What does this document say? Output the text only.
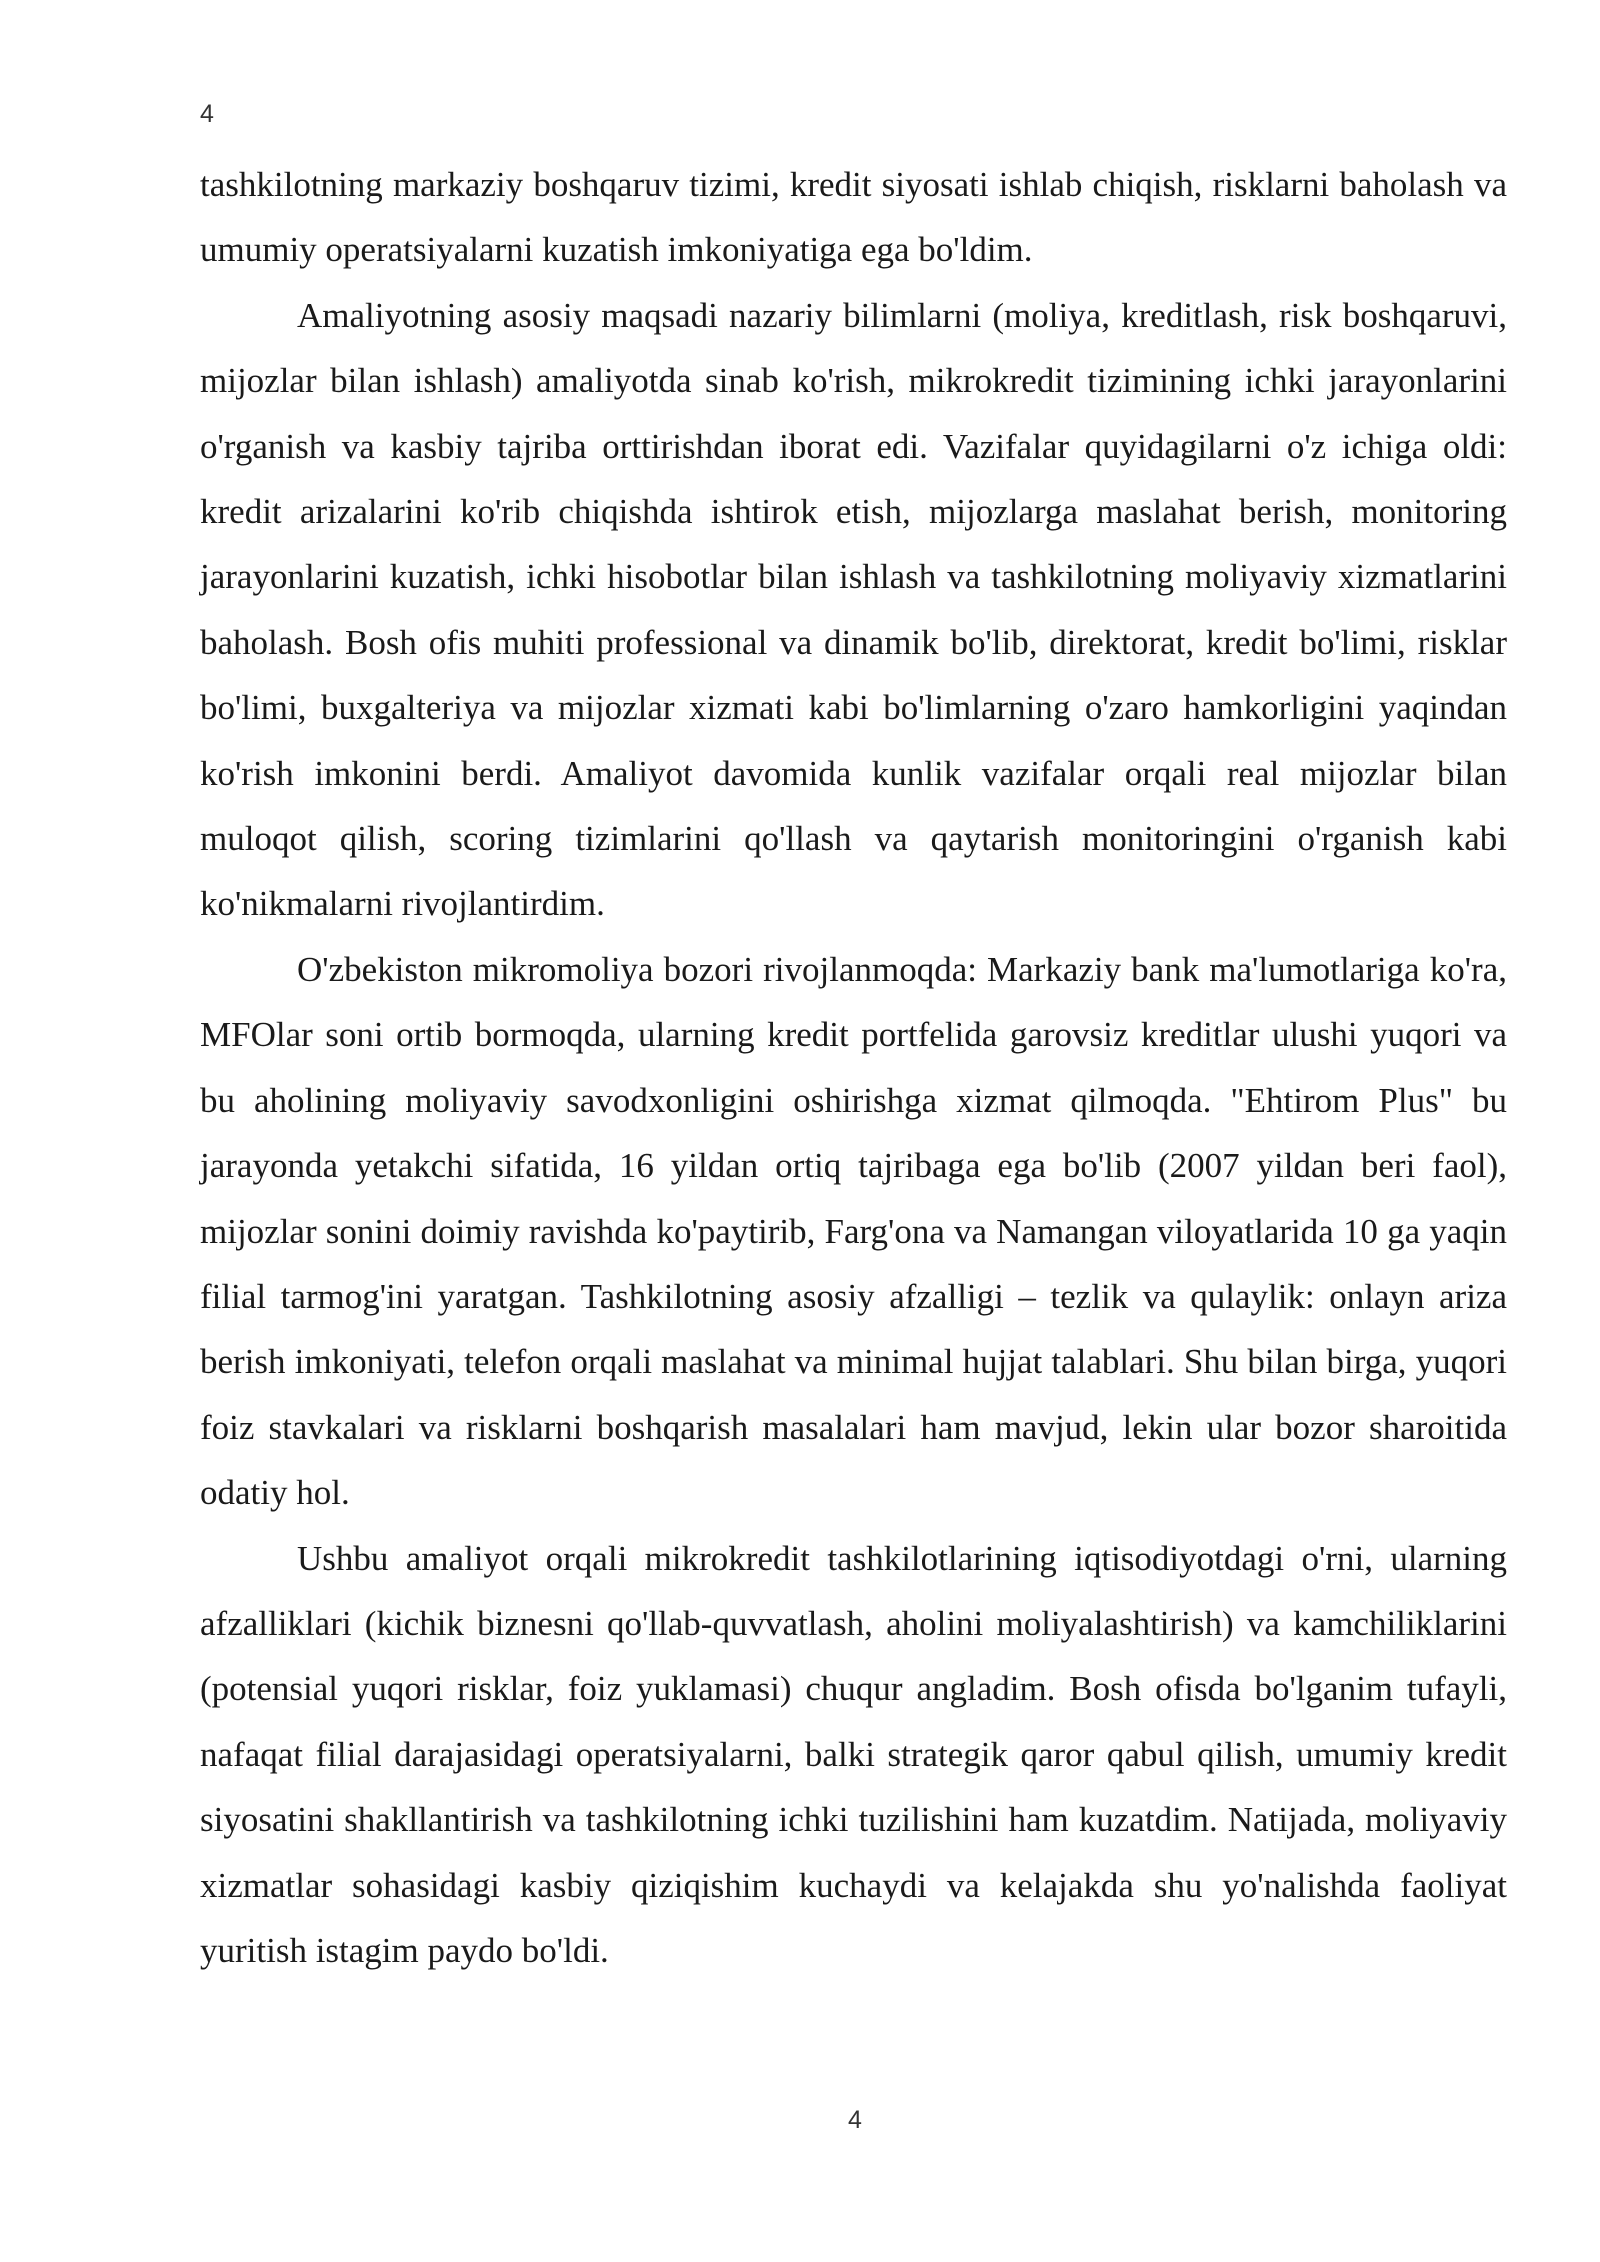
4

tashkilotning markaziy boshqaruv tizimi, kredit siyosati ishlab chiqish, risklarni baholash va umumiy operatsiyalarni kuzatish imkoniyatiga ega bo'ldim.

Amaliyotning asosiy maqsadi nazariy bilimlarni (moliya, kreditlash, risk boshqaruvi, mijozlar bilan ishlash) amaliyotda sinab ko'rish, mikrokredit tizimining ichki jarayonlarini o'rganish va kasbiy tajriba orttirishdan iborat edi. Vazifalar quyidagilarni o'z ichiga oldi: kredit arizalarini ko'rib chiqishda ishtirok etish, mijozlarga maslahat berish, monitoring jarayonlarini kuzatish, ichki hisobotlar bilan ishlash va tashkilotning moliyaviy xizmatlarini baholash. Bosh ofis muhiti professional va dinamik bo'lib, direktorat, kredit bo'limi, risklar bo'limi, buxgalteriya va mijozlar xizmati kabi bo'limlarning o'zaro hamkorligini yaqindan ko'rish imkonini berdi. Amaliyot davomida kunlik vazifalar orqali real mijozlar bilan muloqot qilish, scoring tizimlarini qo'llash va qaytarish monitoringini o'rganish kabi ko'nikmalarni rivojlantirdim.

O'zbekiston mikromoliya bozori rivojlanmoqda: Markaziy bank ma'lumotlariga ko'ra, MFOlar soni ortib bormoqda, ularning kredit portfelida garovsiz kreditlar ulushi yuqori va bu aholining moliyaviy savodxonligini oshirishga xizmat qilmoqda. "Ehtirom Plus" bu jarayonda yetakchi sifatida, 16 yildan ortiq tajribaga ega bo'lib (2007 yildan beri faol), mijozlar sonini doimiy ravishda ko'paytirib, Farg'ona va Namangan viloyatlarida 10 ga yaqin filial tarmog'ini yaratgan. Tashkilotning asosiy afzalligi – tezlik va qulaylik: onlayn ariza berish imkoniyati, telefon orqali maslahat va minimal hujjat talablari. Shu bilan birga, yuqori foiz stavkalari va risklarni boshqarish masalalari ham mavjud, lekin ular bozor sharoitida odatiy hol.

Ushbu amaliyot orqali mikrokredit tashkilotlarining iqtisodiyotdagi o'rni, ularning afzalliklari (kichik biznesni qo'llab-quvvatlash, aholini moliyalashtirish) va kamchiliklarini (potensial yuqori risklar, foiz yuklamasi) chuqur angladim. Bosh ofisda bo'lganim tufayli, nafaqat filial darajasidagi operatsiyalarni, balki strategik qaror qabul qilish, umumiy kredit siyosatini shakllantirish va tashkilotning ichki tuzilishini ham kuzatdim. Natijada, moliyaviy xizmatlar sohasidagi kasbiy qiziqishim kuchaydi va kelajakda shu yo'nalishda faoliyat yuritish istagim paydo bo'ldi.

4
